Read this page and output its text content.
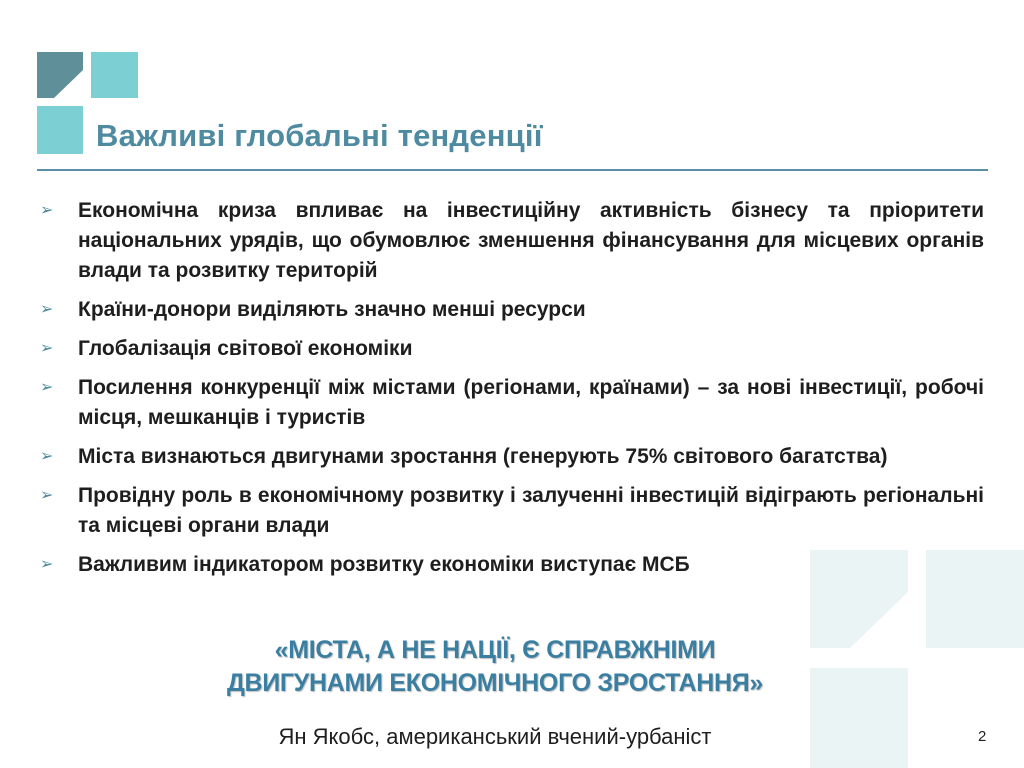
Важливі глобальні тенденції
➢ Економічна криза впливає на інвестиційну активність бізнесу та пріоритети національних урядів, що обумовлює зменшення фінансування для місцевих органів влади та розвитку територій
➢ Країни-донори виділяють значно менші ресурси
➢ Глобалізація світової економіки
➢ Посилення конкуренції між містами (регіонами, країнами) – за нові інвестиції, робочі місця, мешканців і туристів
➢ Міста визнаються двигунами зростання (генерують 75% світового багатства)
➢ Провідну роль в економічному розвитку і залученні інвестицій відіграють регіональні та місцеві органи влади
➢ Важливим індикатором розвитку економіки виступає МСБ
«МІСТА, А НЕ НАЦІЇ, Є СПРАВЖНІМИ
ДВИГУНАМИ ЕКОНОМІЧНОГО ЗРОСТАННЯ»
Ян Якобс, американський вчений-урбаніст	2
